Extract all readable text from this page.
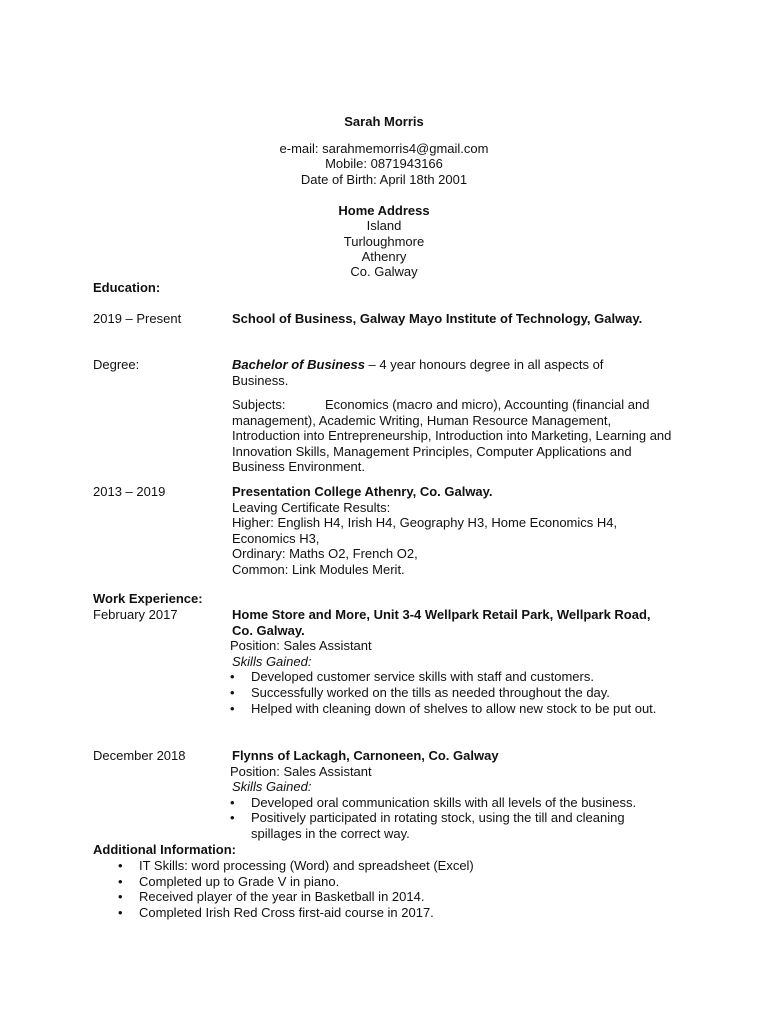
Sarah Morris
e-mail: sarahmemorris4@gmail.com
Mobile: 0871943166
Date of Birth: April 18th 2001
Home Address
Island
Turloughmore
Athenry
Co. Galway
Education:
2019 – Present	School of Business, Galway Mayo Institute of Technology, Galway.
Degree:	Bachelor of Business – 4 year honours degree in all aspects of Business.
Subjects:	Economics (macro and micro), Accounting (financial and management), Academic Writing, Human Resource Management, Introduction into Entrepreneurship, Introduction into Marketing, Learning and Innovation Skills, Management Principles, Computer Applications and Business Environment.
2013 – 2019	Presentation College Athenry, Co. Galway.
Leaving Certificate Results:
Higher: English H4, Irish H4, Geography H3, Home Economics H4, Economics H3,
Ordinary: Maths O2, French O2,
Common: Link Modules Merit.
Work Experience:
February 2017	Home Store and More, Unit 3-4 Wellpark Retail Park, Wellpark Road, Co. Galway.
Position: Sales Assistant
Skills Gained:
• Developed customer service skills with staff and customers.
• Successfully worked on the tills as needed throughout the day.
• Helped with cleaning down of shelves to allow new stock to be put out.
December 2018	Flynns of Lackagh, Carnoneen, Co. Galway
Position: Sales Assistant
Skills Gained:
• Developed oral communication skills with all levels of the business.
• Positively participated in rotating stock, using the till and cleaning spillages in the correct way.
Additional Information:
• IT Skills: word processing (Word) and spreadsheet (Excel)
• Completed up to Grade V in piano.
• Received player of the year in Basketball in 2014.
• Completed Irish Red Cross first-aid course in 2017.
